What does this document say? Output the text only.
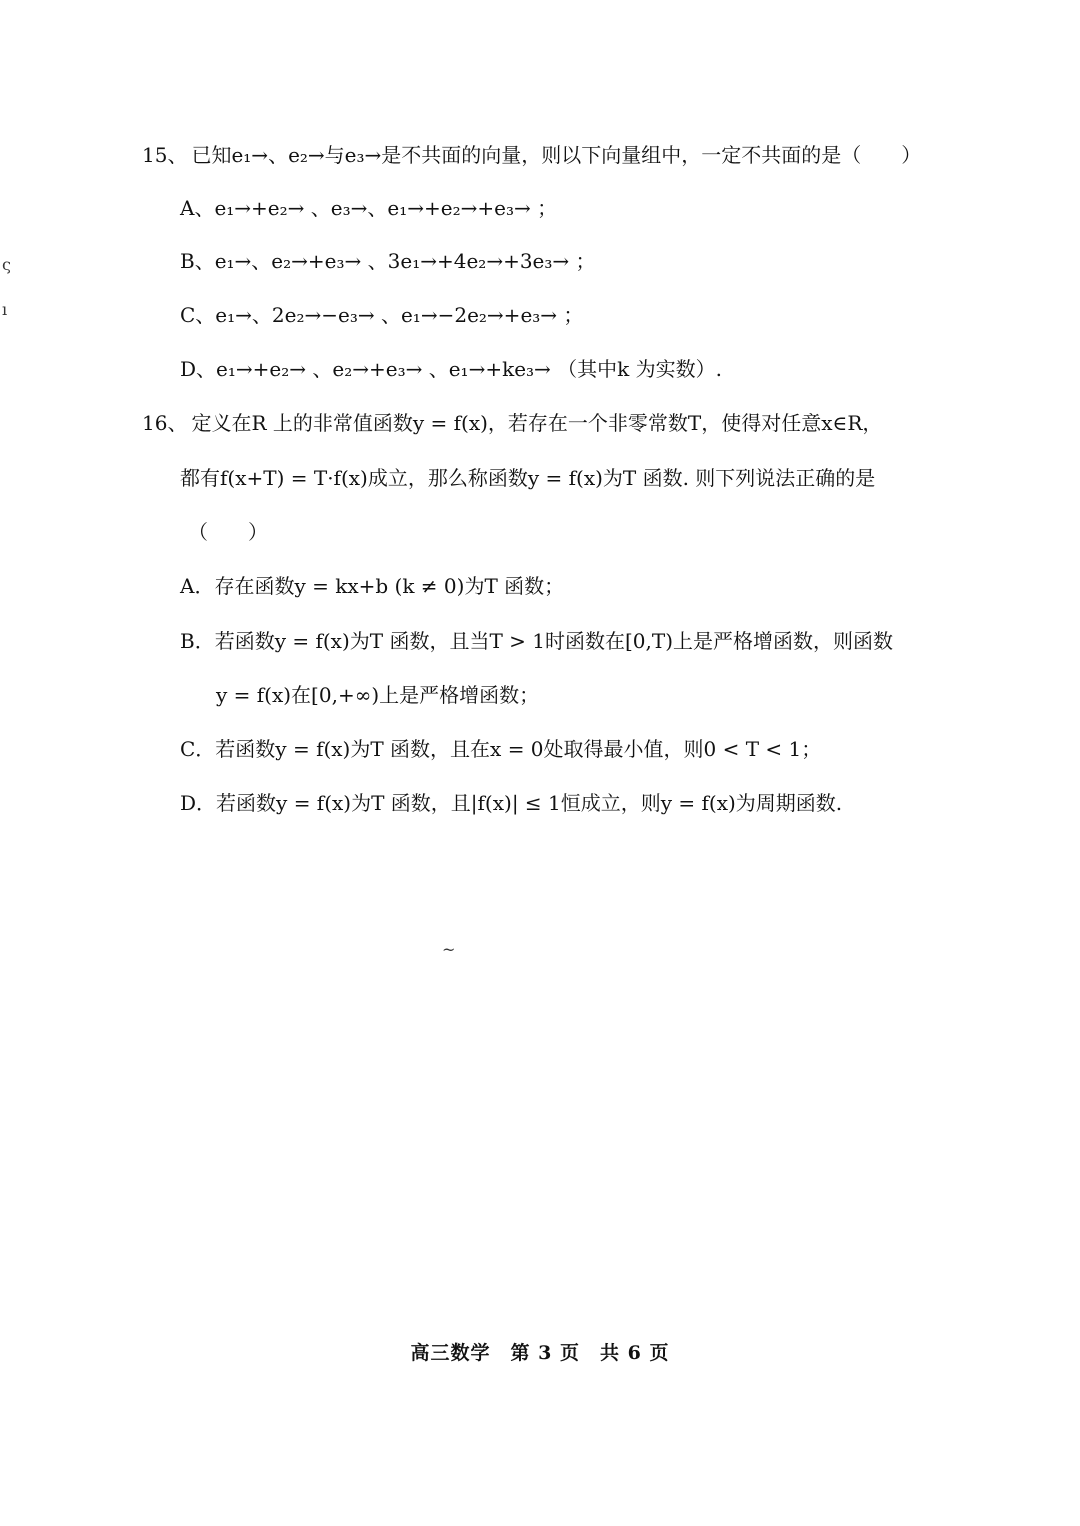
15、 已知e₁→、e₂→与e₃→是不共面的向量，则以下向量组中，一定不共面的是（　　）
A、e₁→+e₂→ 、e₃→、e₁→+e₂→+e₃→ ；
B、e₁→、e₂→+e₃→ 、3e₁→+4e₂→+3e₃→ ；
C、e₁→、2e₂→−e₃→ 、e₁→−2e₂→+e₃→ ；
D、e₁→+e₂→ 、e₂→+e₃→ 、e₁→+ke₃→ （其中k 为实数）.
16、 定义在R 上的非常值函数y = f(x)，若存在一个非零常数T，使得对任意x∈R，
都有f(x+T) = T·f(x)成立，那么称函数y = f(x)为T 函数. 则下列说法正确的是
（　　）
A．存在函数y = kx+b (k ≠ 0)为T 函数；
B．若函数y = f(x)为T 函数，且当T > 1时函数在[0,T)上是严格增函数，则函数
y = f(x)在[0,+∞)上是严格增函数；
C．若函数y = f(x)为T 函数，且在x = 0处取得最小值，则0 < T < 1；
D．若函数y = f(x)为T 函数，且|f(x)| ≤ 1恒成立，则y = f(x)为周期函数.
ς
ı
~
高三数学　第 3 页　共 6 页
